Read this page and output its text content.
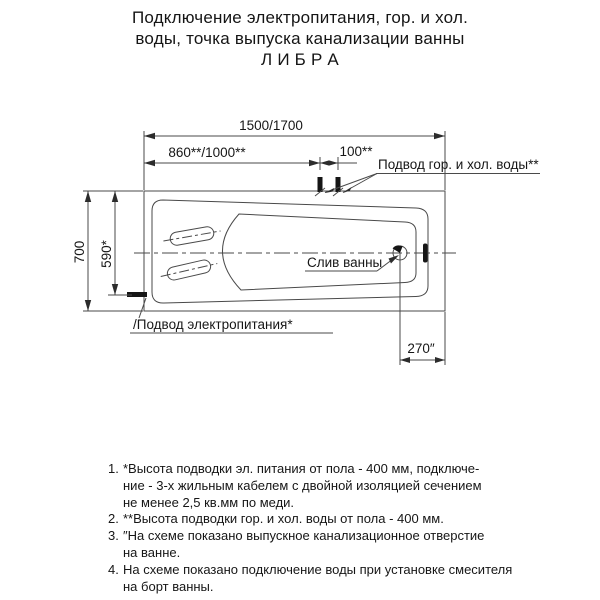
Подключение электропитания, гор. и хол.
воды, точка выпуска канализации ванны
Л И Б Р А
1500/1700
860**/1000**	100**
700 590*
270″
Подвод гор. и хол. воды**
Слив ванны
/Подвод электропитания*
1. *Высота подводки эл. питания от пола - 400 мм, подключе-
ние - 3-х жильным кабелем с двойной изоляцией сечением
не менее 2,5 кв.мм по меди.
2. **Высота подводки гор. и хол. воды от пола - 400 мм.
3. ″На схеме показано выпускное канализационное отверстие
на ванне.
4. На схеме показано подключение воды при установке смесителя
на борт ванны.
